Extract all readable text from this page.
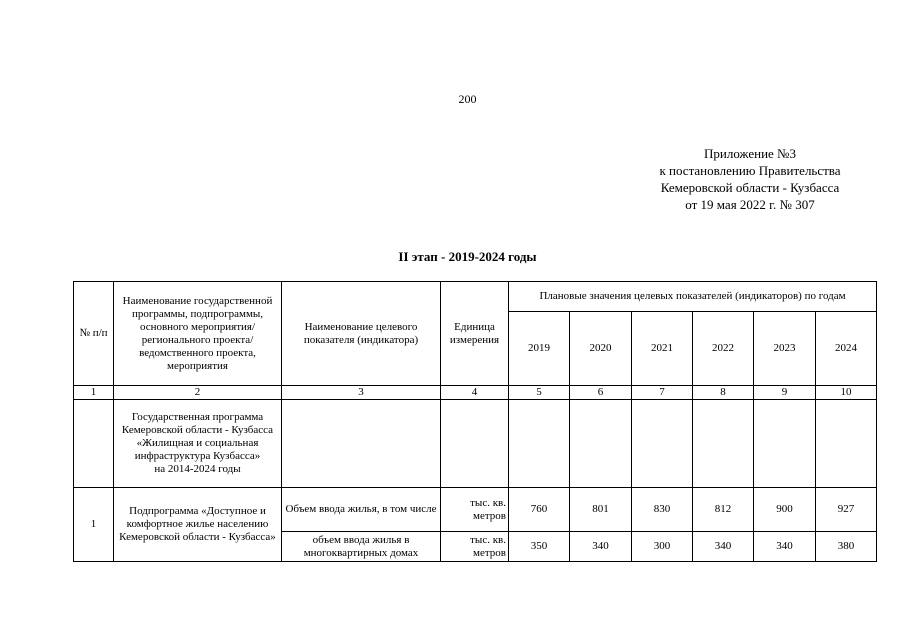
200
Приложение №3
к постановлению Правительства
Кемеровской области - Кузбасса
от 19 мая 2022 г. № 307
II этап - 2019-2024 годы
№ п/п	Наименование государственной программы, подпрограммы, основного мероприятия/ регионального проекта/ ведомственного проекта, мероприятия	Наименование целевого показателя (индикатора)	Единица измерения	Плановые значения целевых показателей (индикаторов) по годам					
				2019	2020	2021	2022	2023	2024
1	2	3	4	5	6	7	8	9	10
	Государственная программа Кемеровской области - Кузбасса «Жилищная и социальная инфраструктура Кузбасса»
на 2014-2024 годы								
1	Подпрограмма «Доступное и комфортное жилье населению Кемеровской области - Кузбасса»	Объем ввода жилья, в том числе	тыс. кв. метров	760	801	830	812	900	927
		объем ввода жилья в многоквартирных домах	тыс. кв. метров	350	340	300	340	340	380
